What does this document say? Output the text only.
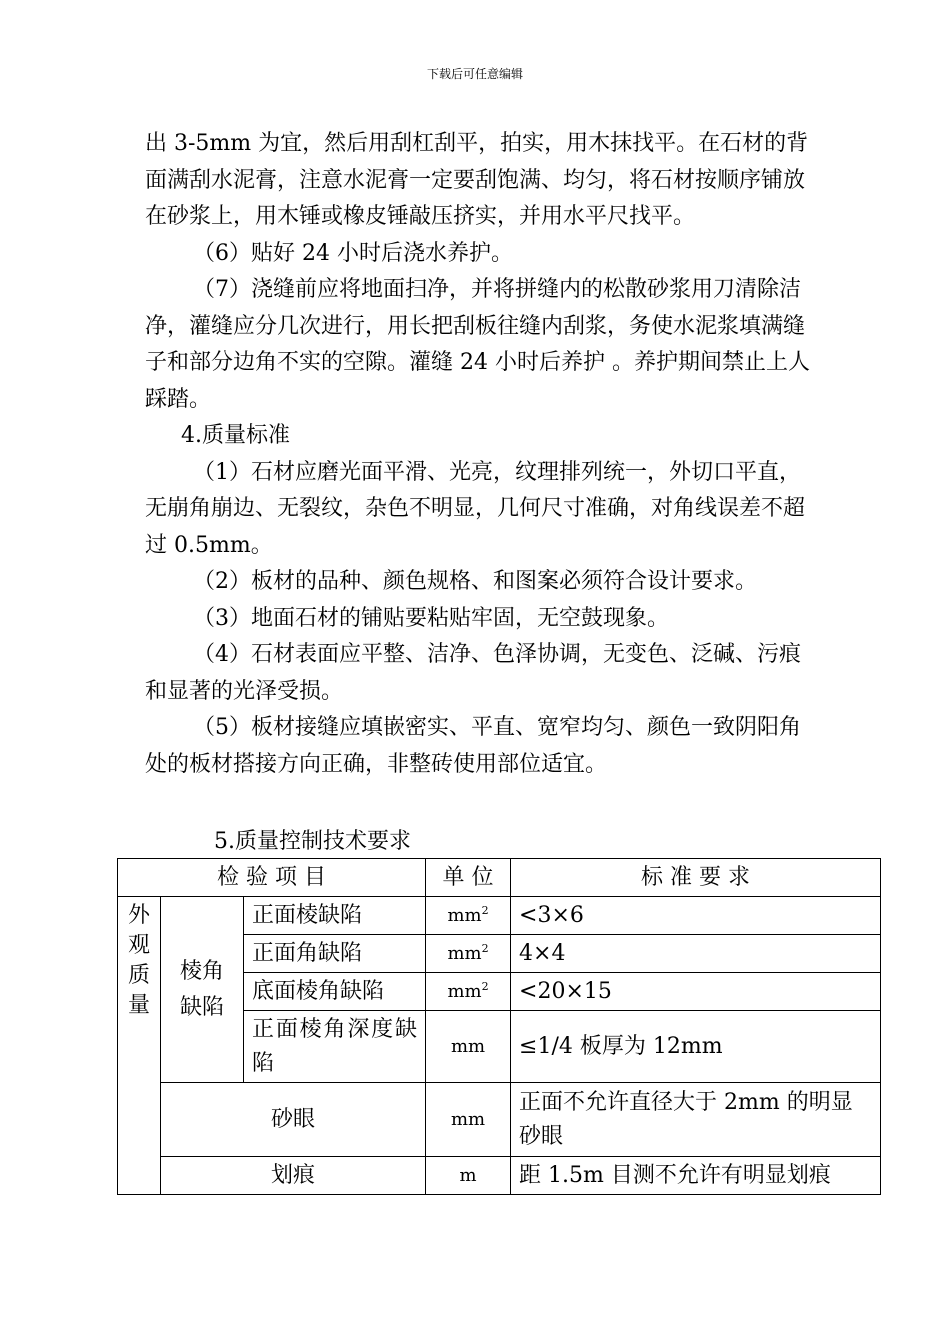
下载后可任意编辑

出 3-5mm 为宜，然后用刮杠刮平，拍实，用木抹找平。在石材的背面满刮水泥膏，注意水泥膏一定要刮饱满、均匀，将石材按顺序铺放在砂浆上，用木锤或橡皮锤敲压挤实，并用水平尺找平。

（6）贴好 24 小时后浇水养护。

（7）浇缝前应将地面扫净，并将拼缝内的松散砂浆用刀清除洁净，灌缝应分几次进行，用长把刮板往缝内刮浆，务使水泥浆填满缝子和部分边角不实的空隙。灌缝 24 小时后养护 。养护期间禁止上人踩踏。

4.质量标准

（1）石材应磨光面平滑、光亮，纹理排列统一，外切口平直，无崩角崩边、无裂纹，杂色不明显，几何尺寸准确，对角线误差不超过 0.5mm。

（2）板材的品种、颜色规格、和图案必须符合设计要求。

（3）地面石材的铺贴要粘贴牢固，无空鼓现象。

（4）石材表面应平整、洁净、色泽协调，无变色、泛碱、污痕和显著的光泽受损。

（5）板材接缝应填嵌密实、平直、宽窄均匀、颜色一致阴阳角处的板材搭接方向正确，非整砖使用部位适宜。

5.质量控制技术要求
检 验 项 目			单 位	标 准 要 求
外观质量	棱角缺陷	正面棱缺陷	$mm^2$	<3×6
		正面角缺陷	$mm^2$	4×4
		底面棱角缺陷	$mm^2$	<20×15
		正面棱角深度缺陷	mm	≤1/4 板厚为 12mm
	砂眼		mm	正面不允许直径大于 2mm 的明显砂眼
	划痕		m	距 1.5m 目测不允许有明显划痕
